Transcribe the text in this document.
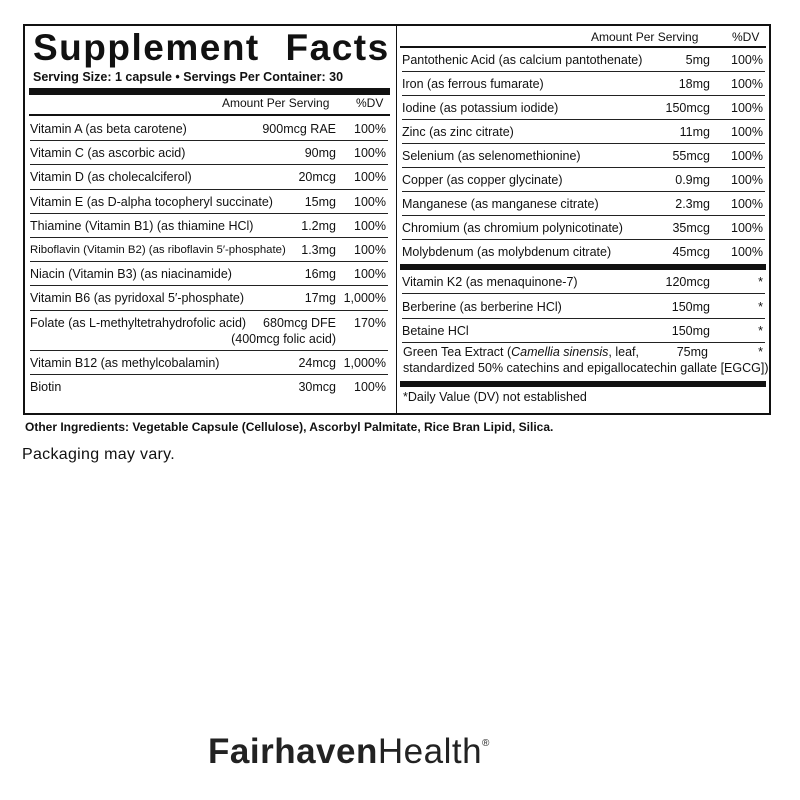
Supplement Facts
Serving Size: 1 capsule • Servings Per Container: 30
Amount Per Serving %DV
Amount Per Serving	%DV
Vitamin A (as beta carotene)	900mcg RAE 100%
Vitamin C (as ascorbic acid)	90mg 100%
Vitamin D (as cholecalciferol)	20mcg 100%
Vitamin E (as D-alpha tocopheryl succinate)	15mg 100%
Thiamine (Vitamin B1) (as thiamine HCl)	1.2mg 100%
Riboflavin (Vitamin B2) (as riboflavin 5′-phosphate) 1.3mg 100%
Niacin (Vitamin B3) (as niacinamide)	16mg 100%
Vitamin B6 (as pyridoxal 5′-phosphate)	17mg 1,000%
Folate (as L-methyltetrahydrofolic acid) 680mcg DFE
(400mcg folic acid)
170%
Vitamin B12 (as methylcobalamin)	24mcg 1,000%
Biotin	30mcg 100%
Pantothenic Acid (as calcium pantothenate)	5mg 100%
Iron (as ferrous fumarate)	18mg 100%
Iodine (as potassium iodide)	150mcg 100%
Zinc (as zinc citrate)	11mg 100%
Selenium (as selenomethionine)	55mcg 100%
Copper (as copper glycinate)	0.9mg 100%
Manganese (as manganese citrate)	2.3mg 100%
Chromium (as chromium polynicotinate)	35mcg 100%
Molybdenum (as molybdenum citrate)	45mcg 100%
Vitamin K2 (as menaquinone-7)	120mcg	*
Berberine (as berberine HCl)	150mg	*
Betaine HCl	150mg	*
Green Tea Extract (Camellia sinensis, leaf,
standardized 50% catechins and epigallocatechin gallate [EGCG])
75mg	*
*Daily Value (DV) not established
Other Ingredients: Vegetable Capsule (Cellulose), Ascorbyl Palmitate, Rice Bran Lipid, Silica.
Packaging may vary.
FairhavenHealth®
